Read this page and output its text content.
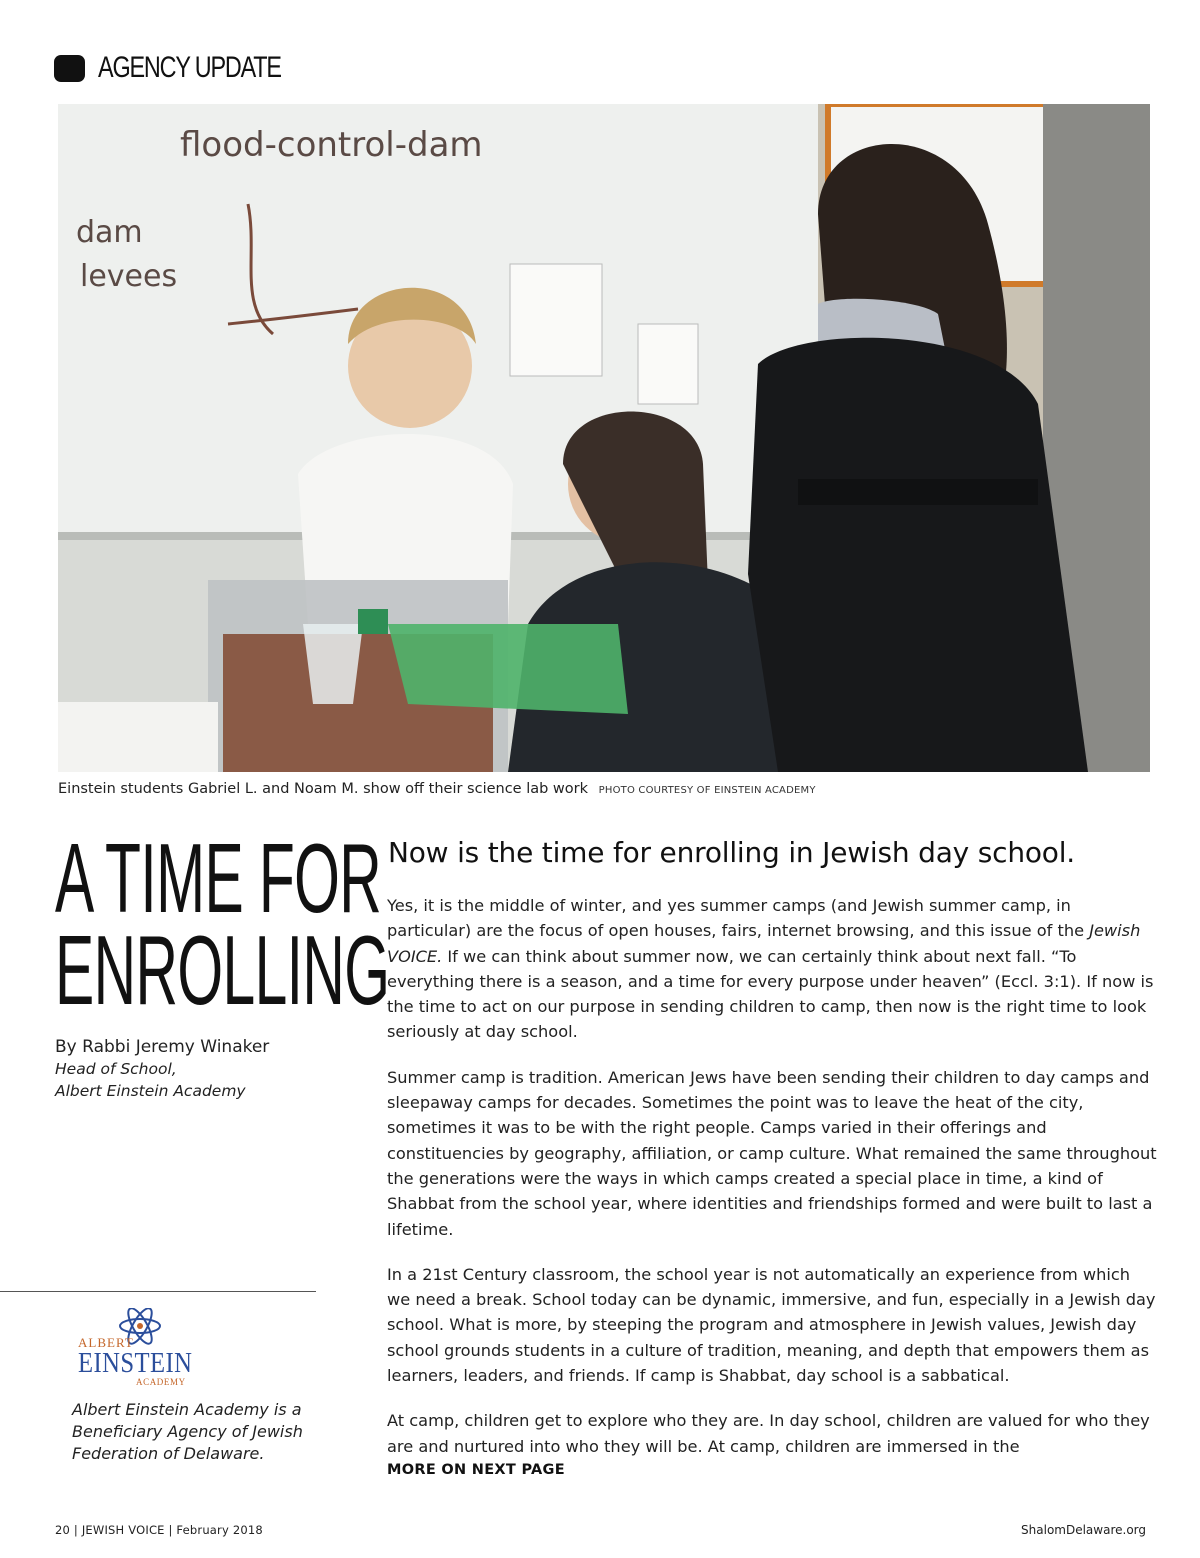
AGENCY UPDATE
flood-control-dam
dam
levees
Einstein students Gabriel L. and Noam M. show off their science lab work PHOTO COURTESY OF EINSTEIN ACADEMY
A TIME FOR
ENROLLING
By Rabbi Jeremy Winaker
Head of School,
Albert Einstein Academy
ALBERT
EINSTEIN
ACADEMY
Albert Einstein Academy is a Beneficiary Agency of Jewish Federation of Delaware.
Now is the time for enrolling in Jewish day school.

Yes, it is the middle of winter, and yes summer camps (and Jewish summer camp, in particular) are the focus of open houses, fairs, internet browsing, and this issue of the Jewish VOICE. If we can think about summer now, we can certainly think about next fall. “To everything there is a season, and a time for every purpose under heaven” (Eccl. 3:1). If now is the time to act on our purpose in sending children to camp, then now is the right time to look seriously at day school.

Summer camp is tradition. American Jews have been sending their children to day camps and sleepaway camps for decades. Sometimes the point was to leave the heat of the city, sometimes it was to be with the right people. Camps varied in their offerings and constituencies by geography, affiliation, or camp culture. What remained the same throughout the generations were the ways in which camps created a special place in time, a kind of Shabbat from the school year, where identities and friendships formed and were built to last a lifetime.

In a 21st Century classroom, the school year is not automatically an experience from which we need a break. School today can be dynamic, immersive, and fun, especially in a Jewish day school. What is more, by steeping the program and atmosphere in Jewish values, Jewish day school grounds students in a culture of tradition, meaning, and depth that empowers them as learners, leaders, and friends. If camp is Shabbat, day school is a sabbatical.

At camp, children get to explore who they are. In day school, children are valued for who they are and nurtured into who they will be. At camp, children are immersed in the

MORE ON NEXT PAGE
20 | JEWISH VOICE | February 2018	ShalomDelaware.org
